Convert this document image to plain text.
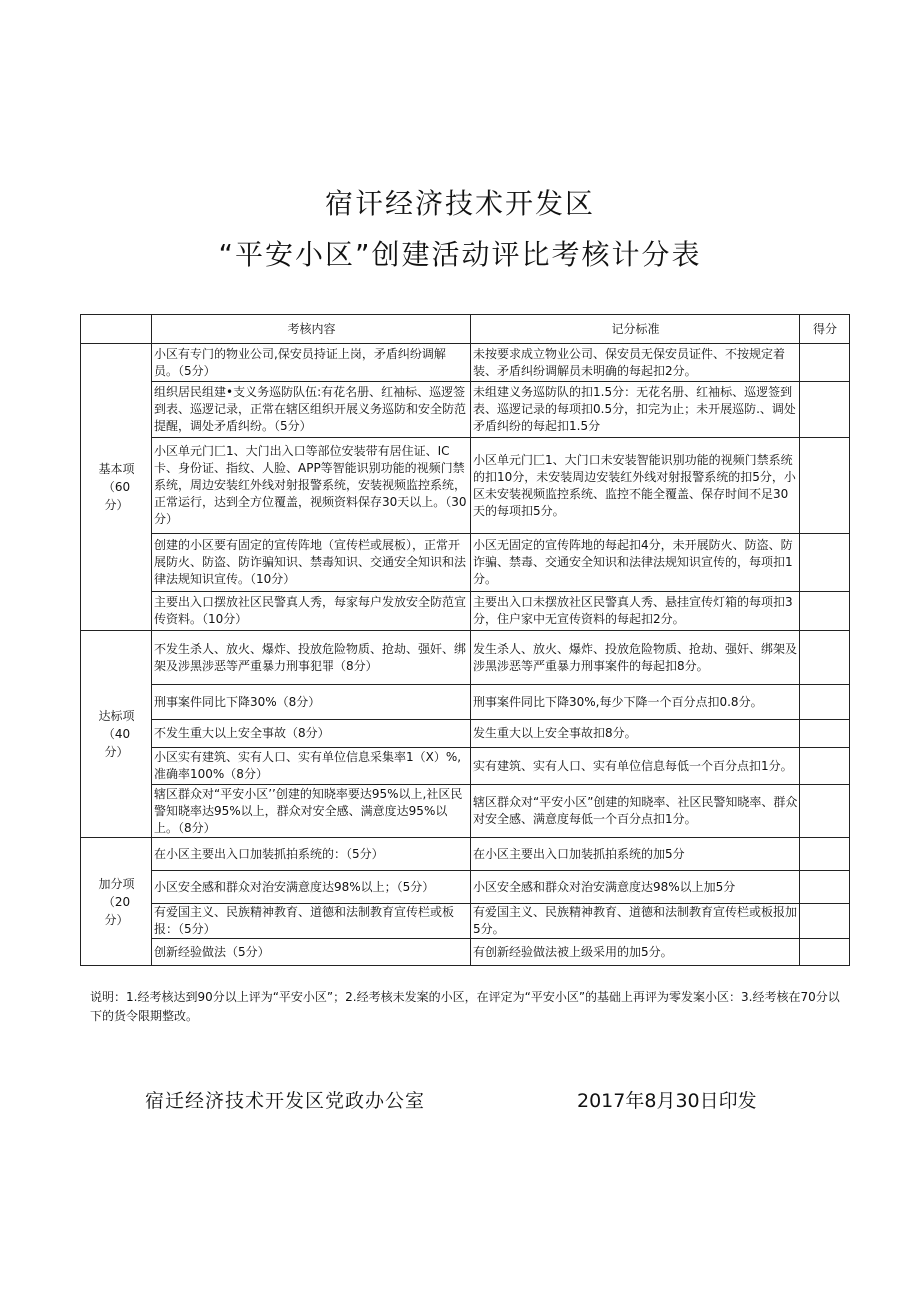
宿讦经济技术开发区
“平安小区”创建活动评比考核计分表
	考核内容	记分标准	得分
基本项
（60
分）	小区有专门的物业公司,保安员持证上岗，矛盾纠纷调解员。（5分）	未按要求成立物业公司、保安员无保安员证件、不按规定着装、矛盾纠纷调解员未明确的每起扣2分。	
	组织居民组建•支义务巡防队伍:有花名册、红袖标、巡逻签到表、巡逻记录，正常在辖区组织开展义务巡防和安全防范提醒，调处矛盾纠纷。（5分）	未组建义务巡防队的扣1.5分：无花名册、红袖标、巡逻签到表、巡逻记录的每项扣0.5分，扣完为止；未开展巡防.、调处矛盾纠纷的每起扣1.5分	
	小区单元门匚1、大门出入口等部位安装带有居住证、IC卡、身份证、指纹、人脸、APP等智能识别功能的视频门禁系统，周边安装红外线对射报警系统，安装视频监控系统，正常运行，达到全方位覆盖，视频资料保存30天以上。（30分）	小区单元门匚1、大门口未安装智能识别功能的视频门禁系统的扣10分，未安装周边安装红外线对射报警系统的扣5分，小区未安装视频监控系统、监控不能全覆盖、保存时间不足30天的每项扣5分。	
	创建的小区要有固定的宣传阵地（宣传栏或展板），正常开展防火、防盗、防诈骗知识、禁毒知识、交通安全知识和法律法规知识宣传。（10分）	小区无固定的宣传阵地的每起扣4分，未开展防火、防盗、防诈骗、禁毒、交通安全知识和法律法规知识宣传的，每项扣1分。	
	主要出入口摆放社区民警真人秀，每家每户发放安全防范宣传资料。（10分）	主要出入口未摆放社区民警真人秀、悬挂宣传灯箱的每项扣3分，住户家中无宣传资料的每起扣2分。	
达标项
（40
分）	不发生杀人、放火、爆炸、投放危险物质、抢劫、强奸、绑架及涉黑涉恶等严重暴力刑事犯罪（8分）	发生杀人、放火、爆炸、投放危险物质、抢劫、强奸、绑架及涉黑涉恶等严重暴力刑事案件的每起扣8分。	
	刑事案件同比下降30%（8分）	刑事案件同比下降30%,每少下降一个百分点扣0.8分。	
	不发生重大以上安全事故（8分）	发生重大以上安全事故扣8分。	
	小区实有建筑、实有人口、实有单位信息采集率1（X）%,准确率100%（8分）	实有建筑、实有人口、实有单位信息每低一个百分点扣1分。	
	辖区群众对“平安小区’’创建的知晓率要达95%以上,社区民警知晓率达95%以上，群众对安全感、满意度达95%以上。（8分）	辖区群众对“平安小区”创建的知晓率、社区民警知晓率、群众对安全感、满意度每低一个百分点扣1分。	
加分项
（20
分）	在小区主要出入口加装抓拍系统的：（5分）	在小区主要出入口加装抓拍系统的加5分	
	小区安全感和群众对治安满意度达98%以上；（5分）	小区安全感和群众对治安满意度达98%以上加5分	
	有爱国主义、民族精神教育、道德和法制教育宣传栏或板报：（5分）	有爱国主义、民族精神教育、道德和法制教育宣传栏或板报加5分。	
	创新经验做法（5分）	有创新经验做法被上级采用的加5分。	
说明：1.经考核达到90分以上评为“平安小区”；2.经考核未发案的小区，在评定为“平安小区”的基础上再评为零发案小区：3.经考核在70分以下的货令限期整改。
宿迁经济技术开发区党政办公室	2017年8月30日印发
